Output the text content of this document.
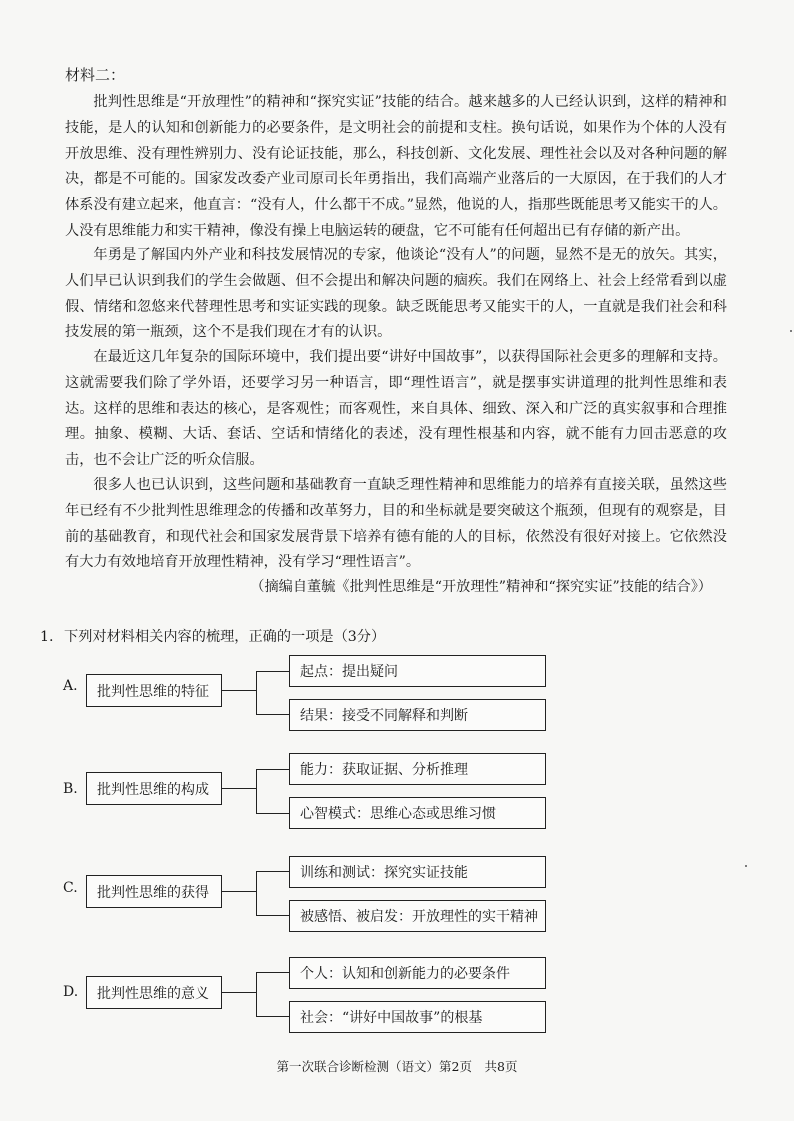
材料二：

批判性思维是“开放理性”的精神和“探究实证”技能的结合。越来越多的人已经认识到，这样的精神和技能，是人的认知和创新能力的必要条件，是文明社会的前提和支柱。换句话说，如果作为个体的人没有开放思维、没有理性辨别力、没有论证技能，那么，科技创新、文化发展、理性社会以及对各种问题的解决，都是不可能的。国家发改委产业司原司长年勇指出，我们高端产业落后的一大原因，在于我们的人才体系没有建立起来，他直言：“没有人，什么都干不成。”显然，他说的人，指那些既能思考又能实干的人。人没有思维能力和实干精神，像没有操上电脑运转的硬盘，它不可能有任何超出已有存储的新产出。

年勇是了解国内外产业和科技发展情况的专家，他谈论“没有人”的问题，显然不是无的放矢。其实，人们早已认识到我们的学生会做题、但不会提出和解决问题的痼疾。我们在网络上、社会上经常看到以虚假、情绪和忽悠来代替理性思考和实证实践的现象。缺乏既能思考又能实干的人，一直就是我们社会和科技发展的第一瓶颈，这个不是我们现在才有的认识。

在最近这几年复杂的国际环境中，我们提出要“讲好中国故事”，以获得国际社会更多的理解和支持。这就需要我们除了学外语，还要学习另一种语言，即“理性语言”，就是摆事实讲道理的批判性思维和表达。这样的思维和表达的核心，是客观性；而客观性，来自具体、细致、深入和广泛的真实叙事和合理推理。抽象、模糊、大话、套话、空话和情绪化的表述，没有理性根基和内容，就不能有力回击恶意的攻击，也不会让广泛的听众信服。

很多人也已认识到，这些问题和基础教育一直缺乏理性精神和思维能力的培养有直接关联，虽然这些年已经有不少批判性思维理念的传播和改革努力，目的和坐标就是要突破这个瓶颈，但现有的观察是，目前的基础教育，和现代社会和国家发展背景下培养有德有能的人的目标，依然没有很好对接上。它依然没有大力有效地培育开放理性精神，没有学习“理性语言”。

（摘编自董毓《批判性思维是“开放理性”精神和“探究实证”技能的结合》）
1. 下列对材料相关内容的梳理，正确的一项是（3分）
A.	批判性思维的特征
起点：提出疑问
结果：接受不同解释和判断
B.	批判性思维的构成
能力：获取证据、分析推理
心智模式：思维心态或思维习惯
C.	批判性思维的获得
训练和测试：探究实证技能
被感悟、被启发：开放理性的实干精神
D.	批判性思维的意义
个人：认知和创新能力的必要条件
社会：“讲好中国故事”的根基
第一次联合诊断检测（语文）第2页　共8页
